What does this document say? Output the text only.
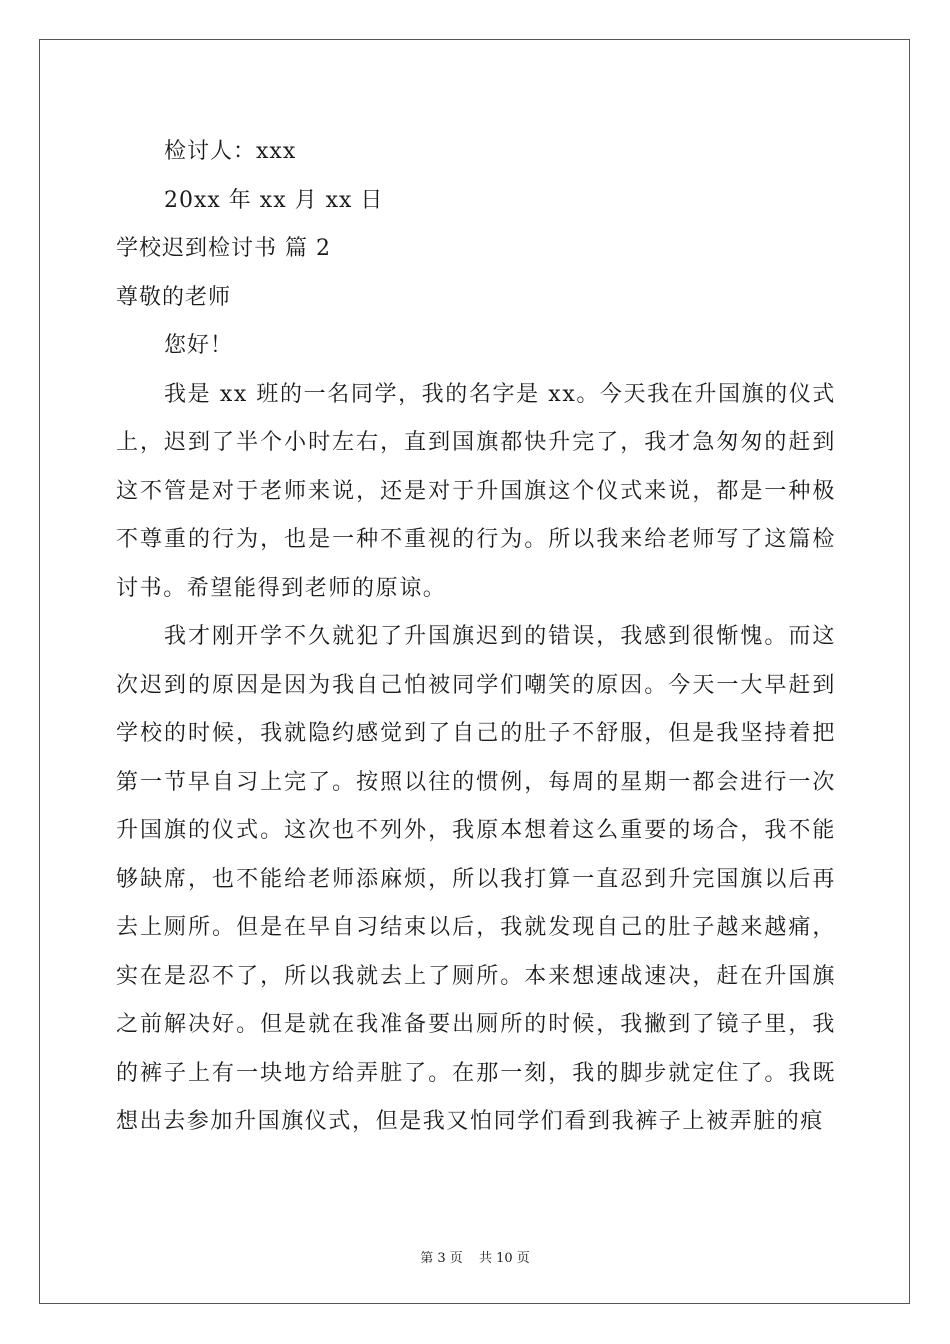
检讨人：xxx
20xx 年 xx 月 xx 日
学校迟到检讨书 篇 2
尊敬的老师
您好！

我是 xx 班的一名同学，我的名字是 xx。今天我在升国旗的仪式上，迟到了半个小时左右，直到国旗都快升完了，我才急匆匆的赶到这不管是对于老师来说，还是对于升国旗这个仪式来说，都是一种极不尊重的行为，也是一种不重视的行为。所以我来给老师写了这篇检讨书。希望能得到老师的原谅。

我才刚开学不久就犯了升国旗迟到的错误，我感到很惭愧。而这次迟到的原因是因为我自己怕被同学们嘲笑的原因。今天一大早赶到学校的时候，我就隐约感觉到了自己的肚子不舒服，但是我坚持着把第一节早自习上完了。按照以往的惯例，每周的星期一都会进行一次升国旗的仪式。这次也不列外，我原本想着这么重要的场合，我不能够缺席，也不能给老师添麻烦，所以我打算一直忍到升完国旗以后再去上厕所。但是在早自习结束以后，我就发现自己的肚子越来越痛，实在是忍不了，所以我就去上了厕所。本来想速战速决，赶在升国旗之前解决好。但是就在我准备要出厕所的时候，我撇到了镜子里，我的裤子上有一块地方给弄脏了。在那一刻，我的脚步就定住了。我既想出去参加升国旗仪式，但是我又怕同学们看到我裤子上被弄脏的痕

第 3 页 共 10 页
